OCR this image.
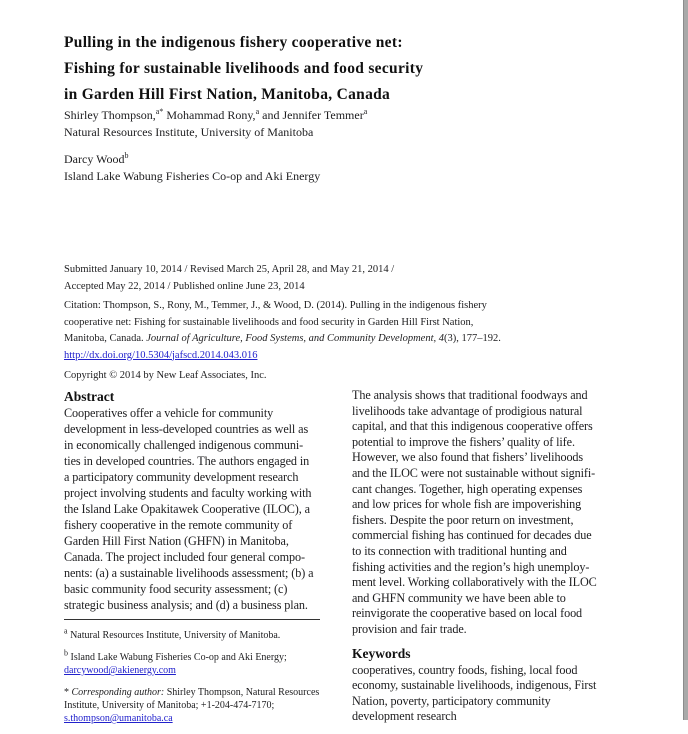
Pulling in the indigenous fishery cooperative net:
Fishing for sustainable livelihoods and food security
in Garden Hill First Nation, Manitoba, Canada
Shirley Thompson,$^{a*}$ Mohammad Rony,$^a$ and Jennifer Temmer$^a$
Natural Resources Institute, University of Manitoba
Darcy Wood$^b$
Island Lake Wabung Fisheries Co-op and Aki Energy
Submitted January 10, 2014 / Revised March 25, April 28, and May 21, 2014 /
Accepted May 22, 2014 / Published online June 23, 2014
Citation: Thompson, S., Rony, M., Temmer, J., & Wood, D. (2014). Pulling in the indigenous fishery
cooperative net: Fishing for sustainable livelihoods and food security in Garden Hill First Nation,
Manitoba, Canada. Journal of Agriculture, Food Systems, and Community Development, 4(3), 177–192.
http://dx.doi.org/10.5304/jafscd.2014.043.016
Copyright © 2014 by New Leaf Associates, Inc.
Abstract
Cooperatives offer a vehicle for community
development in less-developed countries as well as
in economically challenged indigenous communi-
ties in developed countries. The authors engaged in
a participatory community development research
project involving students and faculty working with
the Island Lake Opakitawek Cooperative (ILOC), a
fishery cooperative in the remote community of
Garden Hill First Nation (GHFN) in Manitoba,
Canada. The project included four general compo-
nents: (a) a sustainable livelihoods assessment; (b) a
basic community food security assessment; (c)
strategic business analysis; and (d) a business plan.
$^a$ Natural Resources Institute, University of Manitoba.
$^b$ Island Lake Wabung Fisheries Co-op and Aki Energy;
darcywood@akienergy.com
* Corresponding author: Shirley Thompson, Natural Resources
Institute, University of Manitoba; +1-204-474-7170;
s.thompson@umanitoba.ca
The analysis shows that traditional foodways and
livelihoods take advantage of prodigious natural
capital, and that this indigenous cooperative offers
potential to improve the fishers’ quality of life.
However, we also found that fishers’ livelihoods
and the ILOC were not sustainable without signifi-
cant changes. Together, high operating expenses
and low prices for whole fish are impoverishing
fishers. Despite the poor return on investment,
commercial fishing has continued for decades due
to its connection with traditional hunting and
fishing activities and the region’s high unemploy-
ment level. Working collaboratively with the ILOC
and GHFN community we have been able to
reinvigorate the cooperative based on local food
provision and fair trade.
Keywords
cooperatives, country foods, fishing, local food
economy, sustainable livelihoods, indigenous, First
Nation, poverty, participatory community
development research
